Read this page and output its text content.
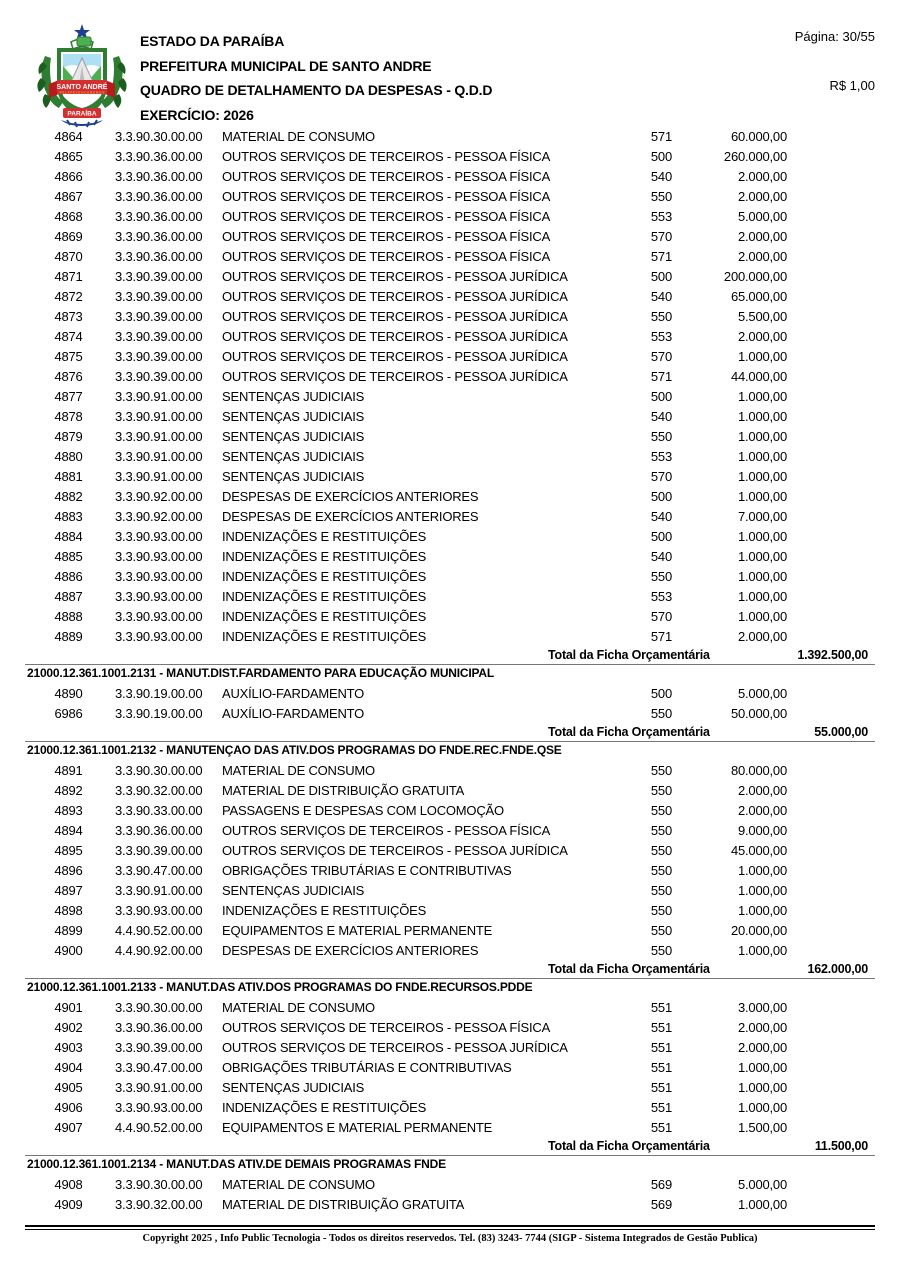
SANTO ANDRÉ
P E L A F É V E N C E R E M O S
PARAÍBA
ESTADO DA PARAÍBA
PREFEITURA MUNICIPAL DE SANTO ANDRE
QUADRO DE DETALHAMENTO DA DESPESAS - Q.D.D
EXERCÍCIO: 2026
Página: 30/55
R$ 1,00
4864	3.3.90.30.00.00	MATERIAL DE CONSUMO	571	60.000,00
4865	3.3.90.36.00.00	OUTROS SERVIÇOS DE TERCEIROS - PESSOA FÍSICA	500	260.000,00
4866	3.3.90.36.00.00	OUTROS SERVIÇOS DE TERCEIROS - PESSOA FÍSICA	540	2.000,00
4867	3.3.90.36.00.00	OUTROS SERVIÇOS DE TERCEIROS - PESSOA FÍSICA	550	2.000,00
4868	3.3.90.36.00.00	OUTROS SERVIÇOS DE TERCEIROS - PESSOA FÍSICA	553	5.000,00
4869	3.3.90.36.00.00	OUTROS SERVIÇOS DE TERCEIROS - PESSOA FÍSICA	570	2.000,00
4870	3.3.90.36.00.00	OUTROS SERVIÇOS DE TERCEIROS - PESSOA FÍSICA	571	2.000,00
4871	3.3.90.39.00.00	OUTROS SERVIÇOS DE TERCEIROS - PESSOA JURÍDICA	500	200.000,00
4872	3.3.90.39.00.00	OUTROS SERVIÇOS DE TERCEIROS - PESSOA JURÍDICA	540	65.000,00
4873	3.3.90.39.00.00	OUTROS SERVIÇOS DE TERCEIROS - PESSOA JURÍDICA	550	5.500,00
4874	3.3.90.39.00.00	OUTROS SERVIÇOS DE TERCEIROS - PESSOA JURÍDICA	553	2.000,00
4875	3.3.90.39.00.00	OUTROS SERVIÇOS DE TERCEIROS - PESSOA JURÍDICA	570	1.000,00
4876	3.3.90.39.00.00	OUTROS SERVIÇOS DE TERCEIROS - PESSOA JURÍDICA	571	44.000,00
4877	3.3.90.91.00.00	SENTENÇAS JUDICIAIS	500	1.000,00
4878	3.3.90.91.00.00	SENTENÇAS JUDICIAIS	540	1.000,00
4879	3.3.90.91.00.00	SENTENÇAS JUDICIAIS	550	1.000,00
4880	3.3.90.91.00.00	SENTENÇAS JUDICIAIS	553	1.000,00
4881	3.3.90.91.00.00	SENTENÇAS JUDICIAIS	570	1.000,00
4882	3.3.90.92.00.00	DESPESAS DE EXERCÍCIOS ANTERIORES	500	1.000,00
4883	3.3.90.92.00.00	DESPESAS DE EXERCÍCIOS ANTERIORES	540	7.000,00
4884	3.3.90.93.00.00	INDENIZAÇÕES E RESTITUIÇÕES	500	1.000,00
4885	3.3.90.93.00.00	INDENIZAÇÕES E RESTITUIÇÕES	540	1.000,00
4886	3.3.90.93.00.00	INDENIZAÇÕES E RESTITUIÇÕES	550	1.000,00
4887	3.3.90.93.00.00	INDENIZAÇÕES E RESTITUIÇÕES	553	1.000,00
4888	3.3.90.93.00.00	INDENIZAÇÕES E RESTITUIÇÕES	570	1.000,00
4889	3.3.90.93.00.00	INDENIZAÇÕES E RESTITUIÇÕES	571	2.000,00
Total da Ficha Orçamentária	1.392.500,00
21000.12.361.1001.2131 - MANUT.DIST.FARDAMENTO PARA EDUCAÇÃO MUNICIPAL
4890	3.3.90.19.00.00	AUXÍLIO-FARDAMENTO	500	5.000,00
6986	3.3.90.19.00.00	AUXÍLIO-FARDAMENTO	550	50.000,00
Total da Ficha Orçamentária	55.000,00
21000.12.361.1001.2132 - MANUTENÇAO DAS ATIV.DOS PROGRAMAS DO FNDE.REC.FNDE.QSE
4891	3.3.90.30.00.00	MATERIAL DE CONSUMO	550	80.000,00
4892	3.3.90.32.00.00	MATERIAL DE DISTRIBUIÇÃO GRATUITA	550	2.000,00
4893	3.3.90.33.00.00	PASSAGENS E DESPESAS COM LOCOMOÇÃO	550	2.000,00
4894	3.3.90.36.00.00	OUTROS SERVIÇOS DE TERCEIROS - PESSOA FÍSICA	550	9.000,00
4895	3.3.90.39.00.00	OUTROS SERVIÇOS DE TERCEIROS - PESSOA JURÍDICA	550	45.000,00
4896	3.3.90.47.00.00	OBRIGAÇÕES TRIBUTÁRIAS E CONTRIBUTIVAS	550	1.000,00
4897	3.3.90.91.00.00	SENTENÇAS JUDICIAIS	550	1.000,00
4898	3.3.90.93.00.00	INDENIZAÇÕES E RESTITUIÇÕES	550	1.000,00
4899	4.4.90.52.00.00	EQUIPAMENTOS E MATERIAL PERMANENTE	550	20.000,00
4900	4.4.90.92.00.00	DESPESAS DE EXERCÍCIOS ANTERIORES	550	1.000,00
Total da Ficha Orçamentária	162.000,00
21000.12.361.1001.2133 - MANUT.DAS ATIV.DOS PROGRAMAS DO FNDE.RECURSOS.PDDE
4901	3.3.90.30.00.00	MATERIAL DE CONSUMO	551	3.000,00
4902	3.3.90.36.00.00	OUTROS SERVIÇOS DE TERCEIROS - PESSOA FÍSICA	551	2.000,00
4903	3.3.90.39.00.00	OUTROS SERVIÇOS DE TERCEIROS - PESSOA JURÍDICA	551	2.000,00
4904	3.3.90.47.00.00	OBRIGAÇÕES TRIBUTÁRIAS E CONTRIBUTIVAS	551	1.000,00
4905	3.3.90.91.00.00	SENTENÇAS JUDICIAIS	551	1.000,00
4906	3.3.90.93.00.00	INDENIZAÇÕES E RESTITUIÇÕES	551	1.000,00
4907	4.4.90.52.00.00	EQUIPAMENTOS E MATERIAL PERMANENTE	551	1.500,00
Total da Ficha Orçamentária	11.500,00
21000.12.361.1001.2134 - MANUT.DAS ATIV.DE DEMAIS PROGRAMAS FNDE
4908	3.3.90.30.00.00	MATERIAL DE CONSUMO	569	5.000,00
4909	3.3.90.32.00.00	MATERIAL DE DISTRIBUIÇÃO GRATUITA	569	1.000,00
Copyright 2025 , Info Public Tecnologia - Todos os direitos reservedos. Tel. (83) 3243- 7744 (SIGP - Sistema Integrados de Gestão Publica)
